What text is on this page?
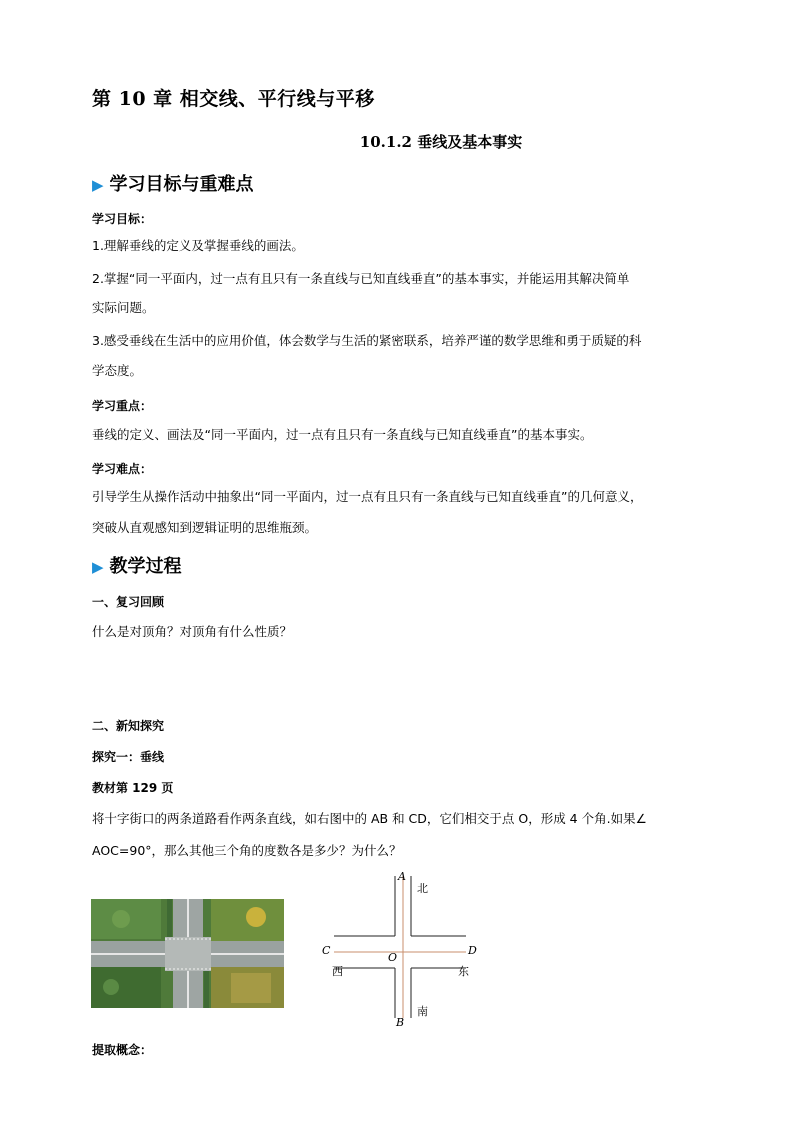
第 10 章 相交线、平行线与平移
10.1.2 垂线及基本事实
▶ 学习目标与重难点
学习目标：
1.理解垂线的定义及掌握垂线的画法。
2.掌握“同一平面内，过一点有且只有一条直线与已知直线垂直”的基本事实，并能运用其解决简单
实际问题。
3.感受垂线在生活中的应用价值，体会数学与生活的紧密联系，培养严谨的数学思维和勇于质疑的科
学态度。
学习重点：
垂线的定义、画法及“同一平面内，过一点有且只有一条直线与已知直线垂直”的基本事实。
学习难点：
引导学生从操作活动中抽象出“同一平面内，过一点有且只有一条直线与已知直线垂直”的几何意义，
突破从直观感知到逻辑证明的思维瓶颈。
▶ 教学过程
一、复习回顾
什么是对顶角？对顶角有什么性质？
二、新知探究
探究一：垂线
教材第 129 页
将十字街口的两条道路看作两条直线，如右图中的 AB 和 CD，它们相交于点 O，形成 4 个角.如果∠
AOC=90°，那么其他三个角的度数各是多少？为什么？
A
B
C	D
O
北
南
西	东
提取概念：
